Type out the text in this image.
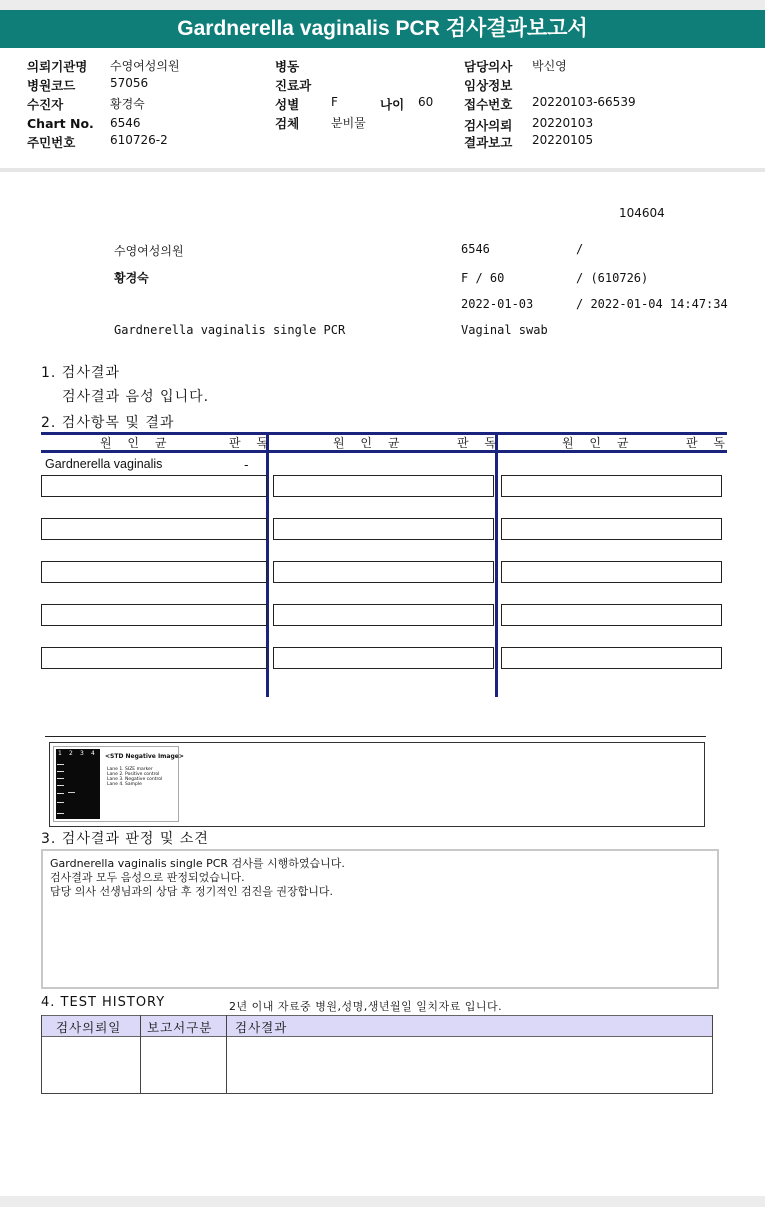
Gardnerella vaginalis PCR 검사결과보고서
의뢰기관명 수영여성의원
병원코드	57056
수진자	황경숙
Chart No. 6546
주민번호	610726-2
병동
진료과
성별	F	나이 60
검체	분비물
담당의사 박신영
임상정보
접수번호 20220103-66539
검사의뢰 20220103
결과보고 20220105
104604
수영여성의원	6546	/
황경숙	F / 60	/ (610726)
2022-01-03	/ 2022-01-04 14:47:34
Gardnerella vaginalis single PCR	Vaginal swab
1. 검사결과
검사결과 음성 입니다.
2. 검사항목 및 결과
원 인 균	판 독	원 인 균	판 독	원 인 균	판 독
Gardnerella vaginalis	-
1 2 3 4 <STD Negative Image>
Lane 1. SIZE marker
Lane 2. Positive control
Lane 3. Negative control
Lane 4. Sample
3. 검사결과 판정 및 소견
Gardnerella vaginalis single PCR 검사를 시행하였습니다.
검사결과 모두 음성으로 판정되었습니다.
담당 의사 선생님과의 상담 후 정기적인 검진을 권장합니다.
4. TEST HISTORY	2년 이내 자료중 병원,성명,생년월일 일치자료 입니다.
검사의뢰일 보고서구분 검사결과
